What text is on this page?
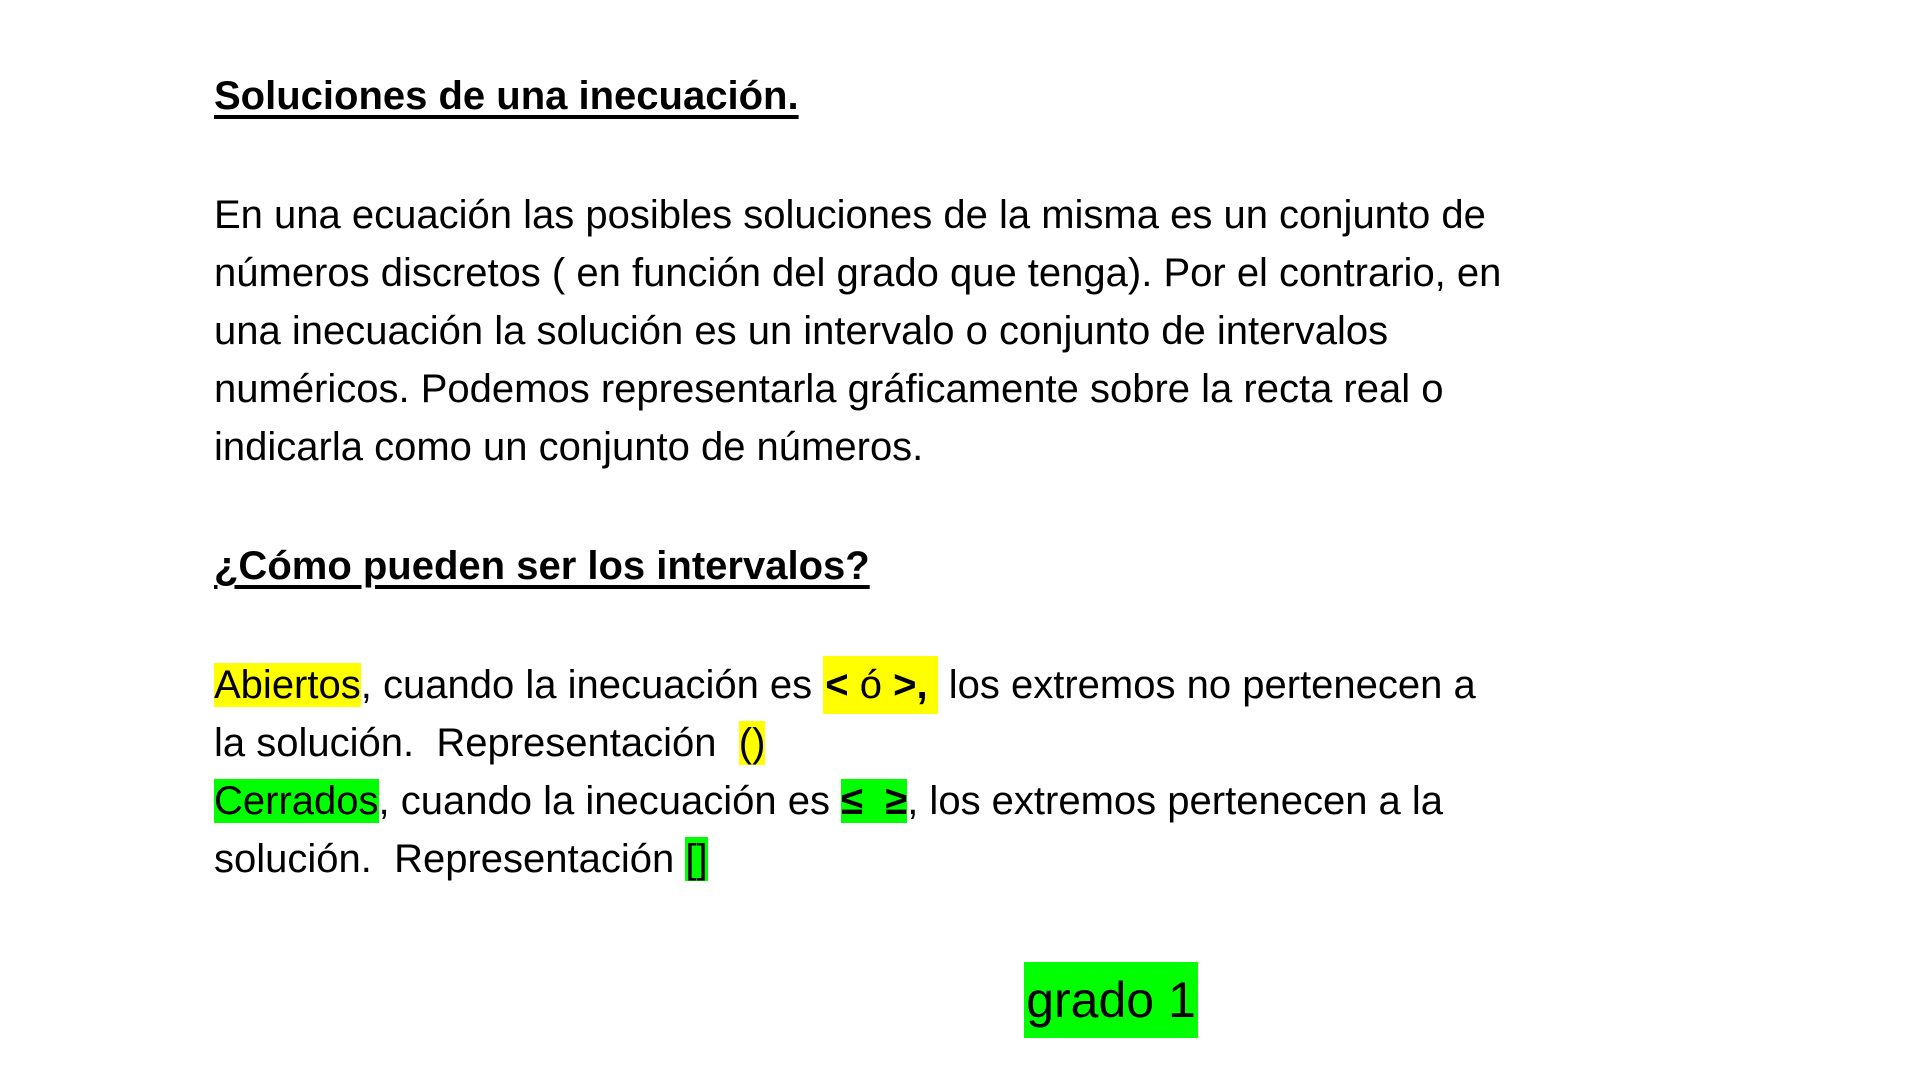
Soluciones de una inecuación.

En una ecuación las posibles soluciones de la misma es un conjunto de
números discretos ( en función del grado que tenga). Por el contrario, en
una inecuación la solución es un intervalo o conjunto de intervalos
numéricos. Podemos representarla gráficamente sobre la recta real o
indicarla como un conjunto de números.

¿Cómo pueden ser los intervalos?
Abiertos, cuando la inecuación es < ó >, los extremos no pertenecen a
la solución.  Representación  ()
Cerrados, cuando la inecuación es ≤  ≥, los extremos pertenecen a la
solución.  Representación []
grado 1
